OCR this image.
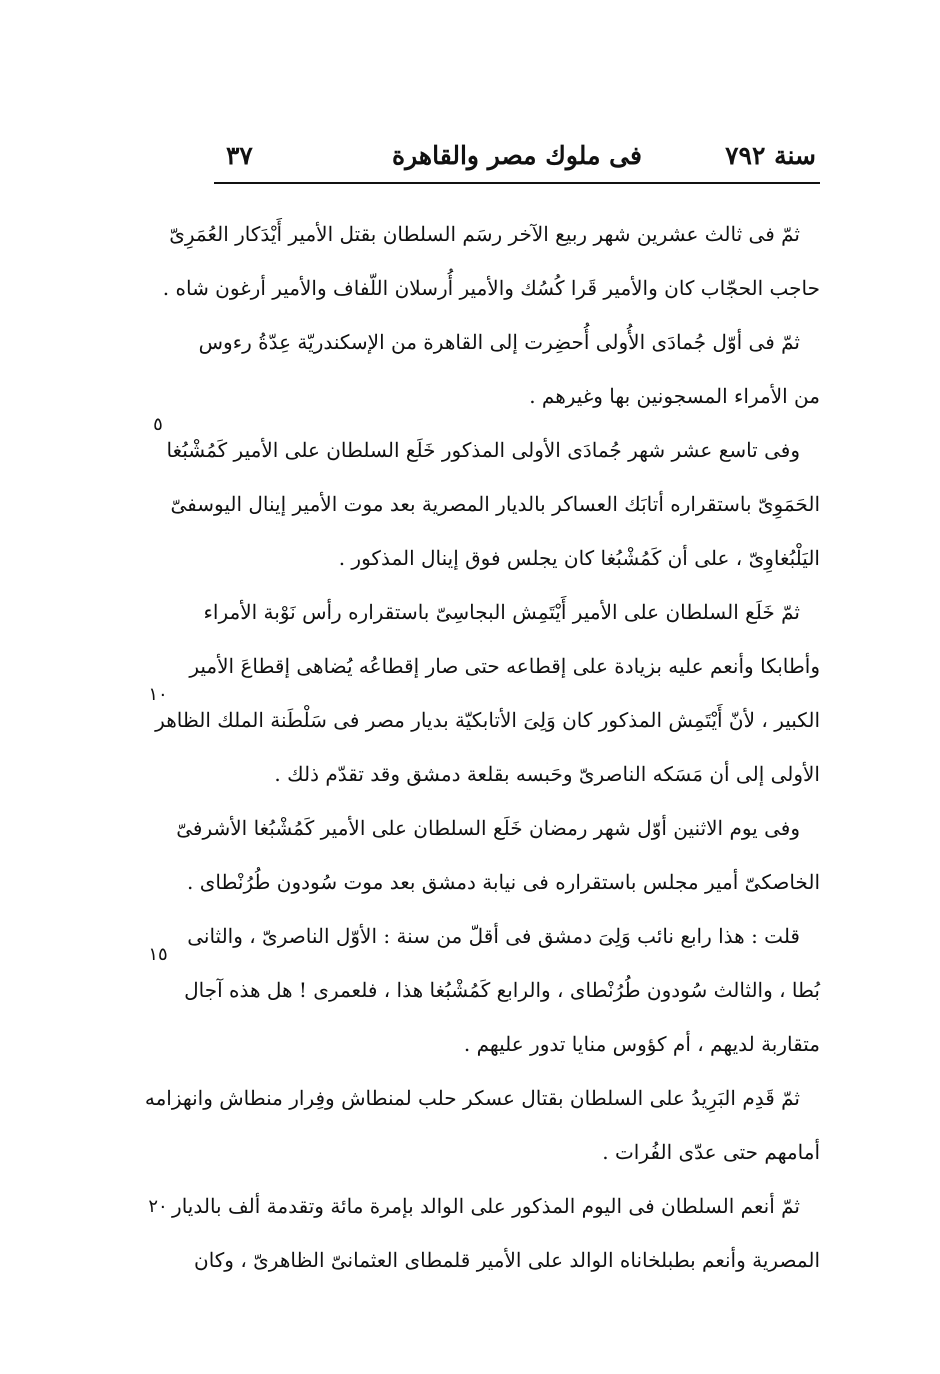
سنة ٧٩٢
فى ملوك مصر والقاهرة
٣٧
ثمّ فى ثالث عشرين شهر ربيع الآخر رسَم السلطان بقتل الأمير أَيْدَكار العُمَرِىّ
حاجب الحجّاب كان والأمير قَرا كُسُك والأمير أُرسلان اللّفاف والأمير أرغون شاه .
ثمّ فى أوّل جُمادَى الأُولى أُحضِرت إلى القاهرة من الإسكندريّة عِدّةُ رءوس
من الأمراء المسجونين بها وغيرهم .
وفى تاسع عشر شهر جُمادَى الأولى المذكور خَلَع السلطان على الأمير كَمُشْبُغا
الحَمَوِىّ باستقراره أتابَك العساكر بالديار المصرية بعد موت الأمير إينال اليوسفىّ
اليَلْبُغاوِىّ ، على أن كَمُشْبُغا كان يجلس فوق إينال المذكور .
ثمّ خَلَع السلطان على الأمير أَيْتَمِش البجاسِىّ باستقراره رأس نَوْبة الأمراء
وأطابكا وأنعم عليه بزيادة على إقطاعه حتى صار إقطاعُه يُضاهى إقطاعَ الأمير
الكبير ، لأنّ أَيْتَمِش المذكور كان وَلِىَ الأتابكيّة بديار مصر فى سَلْطَنة الملك الظاهر
الأولى إلى أن مَسَكه الناصرىّ وحَبسه بقلعة دمشق وقد تقدّم ذلك .
وفى يوم الاثنين أوّل شهر رمضان خَلَع السلطان على الأمير كَمُشْبُغا الأشرفىّ
الخاصكىّ أمير مجلس باستقراره فى نيابة دمشق بعد موت سُودون طُرُنْطاى .
قلت : هذا رابع نائب وَلِىَ دمشق فى أقلّ من سنة : الأوّل الناصرىّ ، والثانى
بُطا ، والثالث سُودون طُرُنْطاى ، والرابع كَمُشْبُغا هذا ، فلعمرى ! هل هذه آجال
متقاربة لديهم ، أم كؤوس منايا تدور عليهم .
ثمّ قَدِم البَرِيدُ على السلطان بقتال عسكر حلب لمنطاش وفِرار منطاش وانهزامه
أمامهم حتى عدّى الفُرات .
ثمّ أنعم السلطان فى اليوم المذكور على الوالد بإمرة مائة وتقدمة ألف بالديار
المصرية وأنعم بطبلخاناه الوالد على الأمير قلمطاى العثمانىّ الظاهرىّ ، وكان
٥
١٠
١٥
٢٠
